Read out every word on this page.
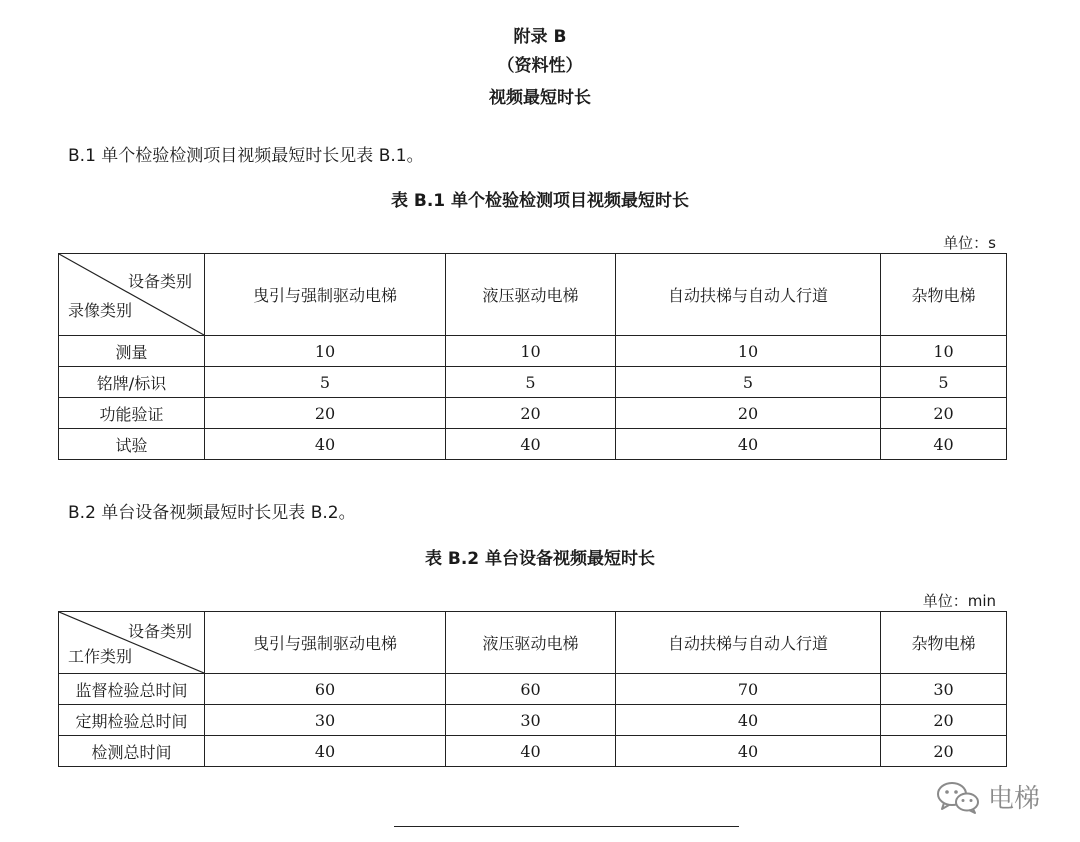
附录 B
（资料性）
视频最短时长
B.1 单个检验检测项目视频最短时长见表 B.1。
表 B.1 单个检验检测项目视频最短时长
单位：s
设备类别
录像类别	曳引与强制驱动电梯	液压驱动电梯	自动扶梯与自动人行道	杂物电梯
测量	10	10	10	10
铭牌/标识	5	5	5	5
功能验证	20	20	20	20
试验	40	40	40	40
B.2 单台设备视频最短时长见表 B.2。
表 B.2 单台设备视频最短时长
单位：min
设备类别
工作类别	曳引与强制驱动电梯	液压驱动电梯	自动扶梯与自动人行道	杂物电梯
监督检验总时间	60	60	70	30
定期检验总时间	30	30	40	20
检测总时间	40	40	40	20
电梯
